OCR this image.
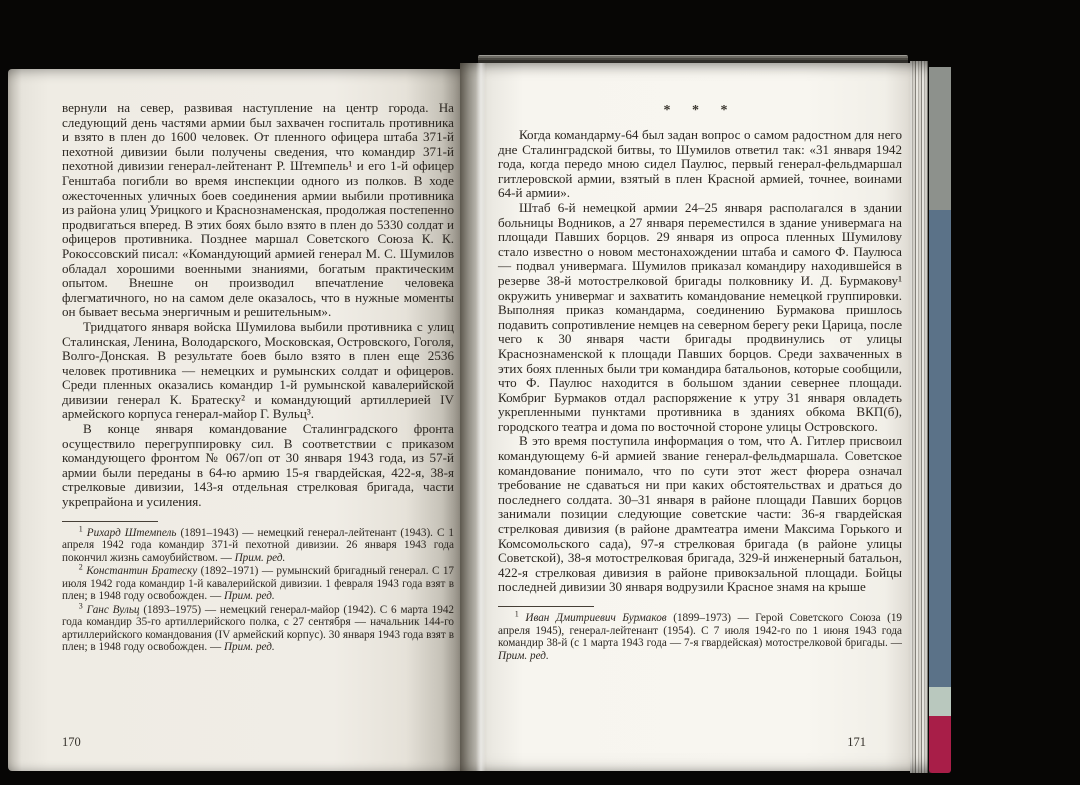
вернули на север, развивая наступление на центр города. На следующий день частями армии был захвачен госпиталь противника и взято в плен до 1600 человек. От пленного офицера штаба 371-й пехотной дивизии были получены сведения, что командир 371-й пехотной дивизии генерал-лейтенант Р. Штемпель¹ и его 1-й офицер Генштаба погибли во время инспекции одного из полков. В ходе ожесточенных уличных боев соединения армии выбили противника из района улиц Урицкого и Краснознаменская, продолжая постепенно продвигаться вперед. В этих боях было взято в плен до 5330 солдат и офицеров противника. Позднее маршал Советского Союза К. К. Рокоссовский писал: «Командующий армией генерал М. С. Шумилов обладал хорошими военными знаниями, богатым практическим опытом. Внешне он производил впечатление человека флегматичного, но на самом деле оказалось, что в нужные моменты он бывает весьма энергичным и решительным».

Тридцатого января войска Шумилова выбили противника с улиц Сталинская, Ленина, Володарского, Московская, Островского, Гоголя, Волго-Донская. В результате боев было взято в плен еще 2536 человек противника — немецких и румынских солдат и офицеров. Среди пленных оказались командир 1-й румынской кавалерийской дивизии генерал К. Братеску² и командующий артиллерией IV армейского корпуса генерал-майор Г. Вульц³.

В конце января командование Сталинградского фронта осуществило перегруппировку сил. В соответствии с приказом командующего фронтом № 067/оп от 30 января 1943 года, из 57-й армии были переданы в 64-ю армию 15-я гвардейская, 422-я, 38-я стрелковые дивизии, 143-я отдельная стрелковая бригада, части укрепрайона и усиления.

$^1$ Рихард Штемпель (1891–1943) — немецкий генерал-лейтенант (1943). С 1 апреля 1942 года командир 371-й пехотной дивизии. 26 января 1943 года покончил жизнь самоубийством. — Прим. ред.
$^2$ Константин Братеску (1892–1971) — румынский бригадный генерал. С 17 июля 1942 года командир 1-й кавалерийской дивизии. 1 февраля 1943 года взят в плен; в 1948 году освобожден. — Прим. ред.
$^3$ Ганс Вульц (1893–1975) — немецкий генерал-майор (1942). С 6 марта 1942 года командир 35-го артиллерийского полка, с 27 сентября — начальник 144-го артиллерийского командования (IV армейский корпус). 30 января 1943 года взят в плен; в 1948 году освобожден. — Прим. ред.
170
* * *

Когда командарму-64 был задан вопрос о самом радостном для него дне Сталинградской битвы, то Шумилов ответил так: «31 января 1942 года, когда передо мною сидел Паулюс, первый генерал-фельдмаршал гитлеровской армии, взятый в плен Красной армией, точнее, воинами 64-й армии».

Штаб 6-й немецкой армии 24–25 января располагался в здании больницы Водников, а 27 января переместился в здание универмага на площади Павших борцов. 29 января из опроса пленных Шумилову стало известно о новом местонахождении штаба и самого Ф. Паулюса — подвал универмага. Шумилов приказал командиру находившейся в резерве 38-й мотострелковой бригады полковнику И. Д. Бурмакову¹ окружить универмаг и захватить командование немецкой группировки. Выполняя приказ командарма, соединению Бурмакова пришлось подавить сопротивление немцев на северном берегу реки Царица, после чего к 30 января части бригады продвинулись от улицы Краснознаменской к площади Павших борцов. Среди захваченных в этих боях пленных были три командира батальонов, которые сообщили, что Ф. Паулюс находится в большом здании севернее площади. Комбриг Бурмаков отдал распоряжение к утру 31 января овладеть укрепленными пунктами противника в зданиях обкома ВКП(б), городского театра и дома по восточной стороне улицы Островского.

В это время поступила информация о том, что А. Гитлер присвоил командующему 6-й армией звание генерал-фельдмаршала. Советское командование понимало, что по сути этот жест фюрера означал требование не сдаваться ни при каких обстоятельствах и драться до последнего солдата. 30–31 января в районе площади Павших борцов занимали позиции следующие советские части: 36-я гвардейская стрелковая дивизия (в районе драмтеатра имени Максима Горького и Комсомольского сада), 97-я стрелковая бригада (в районе улицы Советской), 38-я мотострелковая бригада, 329-й инженерный батальон, 422-я стрелковая дивизия в районе привокзальной площади. Бойцы последней дивизии 30 января водрузили Красное знамя на крыше

$^1$ Иван Дмитриевич Бурмаков (1899–1973) — Герой Советского Союза (19 апреля 1945), генерал-лейтенант (1954). С 7 июля 1942-го по 1 июня 1943 года командир 38-й (с 1 марта 1943 года — 7-я гвардейская) мотострелковой бригады. — Прим. ред.
171
